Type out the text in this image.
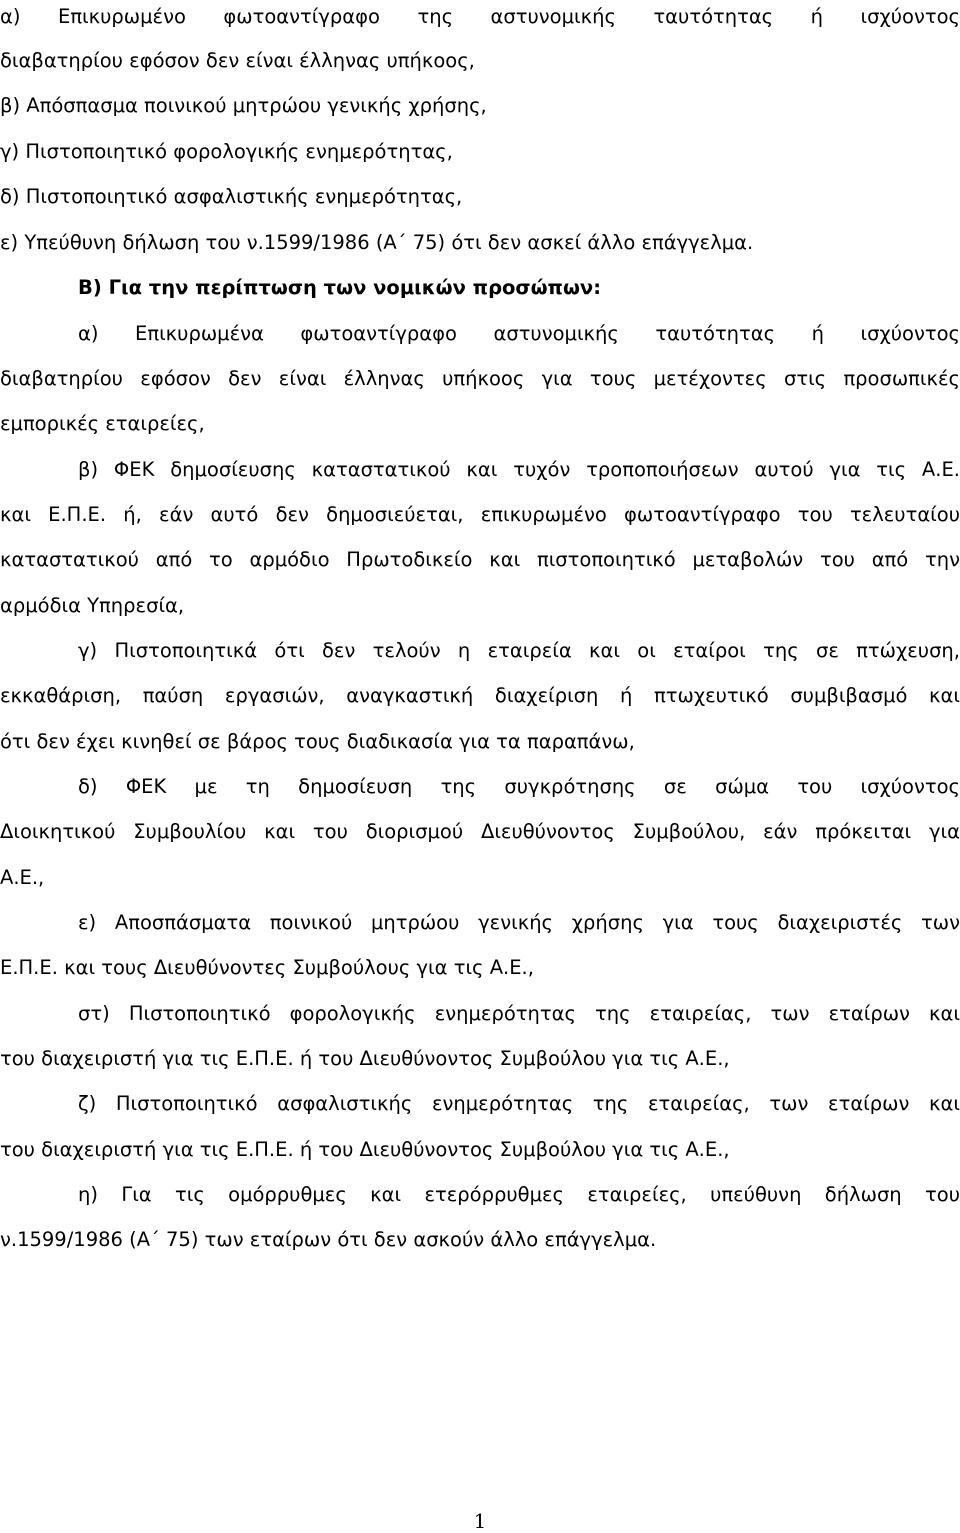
α) Επικυρωμένο φωτοαντίγραφο της αστυνομικής ταυτότητας ή ισχύοντος
διαβατηρίου εφόσον δεν είναι έλληνας υπήκοος,
β) Απόσπασμα ποινικού μητρώου γενικής χρήσης,
γ) Πιστοποιητικό φορολογικής ενημερότητας,
δ) Πιστοποιητικό ασφαλιστικής ενημερότητας,
ε) Υπεύθυνη δήλωση του ν.1599/1986 (Α΄ 75) ότι δεν ασκεί άλλο επάγγελμα.
Β) Για την περίπτωση των νομικών προσώπων:
α) Επικυρωμένα φωτοαντίγραφο αστυνομικής ταυτότητας ή ισχύοντος
διαβατηρίου εφόσον δεν είναι έλληνας υπήκοος για τους μετέχοντες στις προσωπικές
εμπορικές εταιρείες,
β) ΦΕΚ δημοσίευσης καταστατικού και τυχόν τροποποιήσεων αυτού για τις Α.Ε.
και Ε.Π.Ε. ή, εάν αυτό δεν δημοσιεύεται, επικυρωμένο φωτοαντίγραφο του τελευταίου
καταστατικού από το αρμόδιο Πρωτοδικείο και πιστοποιητικό μεταβολών του από την
αρμόδια Υπηρεσία,
γ) Πιστοποιητικά ότι δεν τελούν η εταιρεία και οι εταίροι της σε πτώχευση,
εκκαθάριση, παύση εργασιών, αναγκαστική διαχείριση ή πτωχευτικό συμβιβασμό και
ότι δεν έχει κινηθεί σε βάρος τους διαδικασία για τα παραπάνω,
δ) ΦΕΚ με τη δημοσίευση της συγκρότησης σε σώμα του ισχύοντος
Διοικητικού Συμβουλίου και του διορισμού Διευθύνοντος Συμβούλου, εάν πρόκειται για
Α.Ε.,
ε) Αποσπάσματα ποινικού μητρώου γενικής χρήσης για τους διαχειριστές των
Ε.Π.Ε. και τους Διευθύνοντες Συμβούλους για τις Α.Ε.,
στ) Πιστοποιητικό φορολογικής ενημερότητας της εταιρείας, των εταίρων και
του διαχειριστή για τις Ε.Π.Ε. ή του Διευθύνοντος Συμβούλου για τις Α.Ε.,
ζ) Πιστοποιητικό ασφαλιστικής ενημερότητας της εταιρείας, των εταίρων και
του διαχειριστή για τις Ε.Π.Ε. ή του Διευθύνοντος Συμβούλου για τις Α.Ε.,
η) Για τις ομόρρυθμες και ετερόρρυθμες εταιρείες, υπεύθυνη δήλωση του
ν.1599/1986 (Α΄ 75) των εταίρων ότι δεν ασκούν άλλο επάγγελμα.
1
